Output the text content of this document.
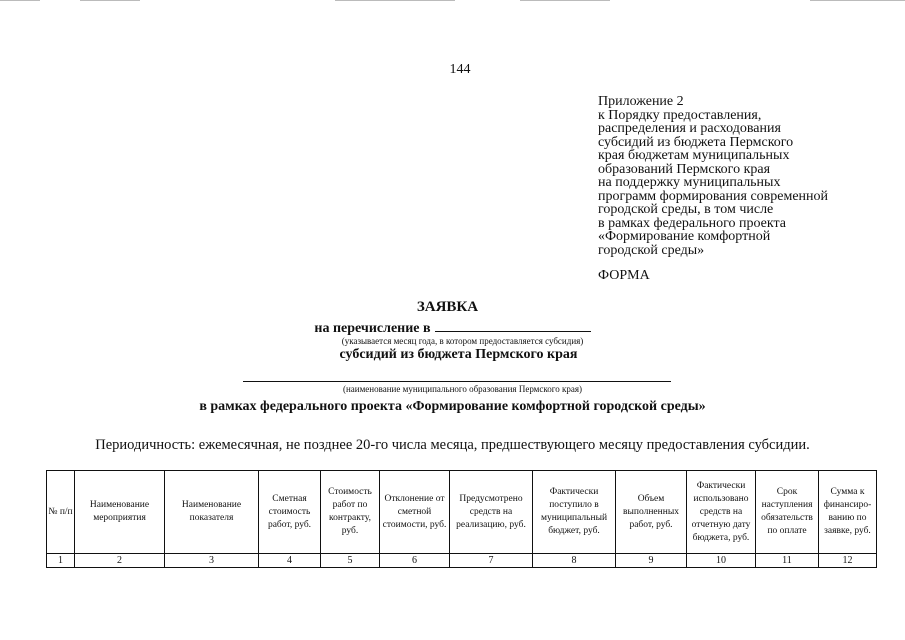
144
Приложение 2
к Порядку предоставления,
распределения и расходования
субсидий из бюджета Пермского
края бюджетам муниципальных
образований Пермского края
на поддержку муниципальных
программ формирования современной
городской среды, в том числе
в рамках федерального проекта
«Формирование комфортной
городской среды»
ФОРМА
ЗАЯВКА
на перечисление в
(указывается месяц года, в котором предоставляется субсидия)
субсидий из бюджета Пермского края
(наименование муниципального образования Пермского края)
в рамках федерального проекта «Формирование комфортной городской среды»
Периодичность: ежемесячная, не позднее 20-го числа месяца, предшествующего месяцу предоставления субсидии.
№ п/п	Наименование мероприятия	Наименование показателя	Сметная стоимость работ, руб.	Стоимость работ по контракту, руб.	Отклонение от сметной стоимости, руб.	Предусмотрено средств на реализацию, руб.	Фактически поступило в муниципальный бюджет, руб.	Объем выполненных работ, руб.	Фактически использовано средств на отчетную дату бюджета, руб.	Срок наступления обязательств по оплате	Сумма к финансиро-ванию по заявке, руб.
1	2	3	4	5	6	7	8	9	10	11	12
